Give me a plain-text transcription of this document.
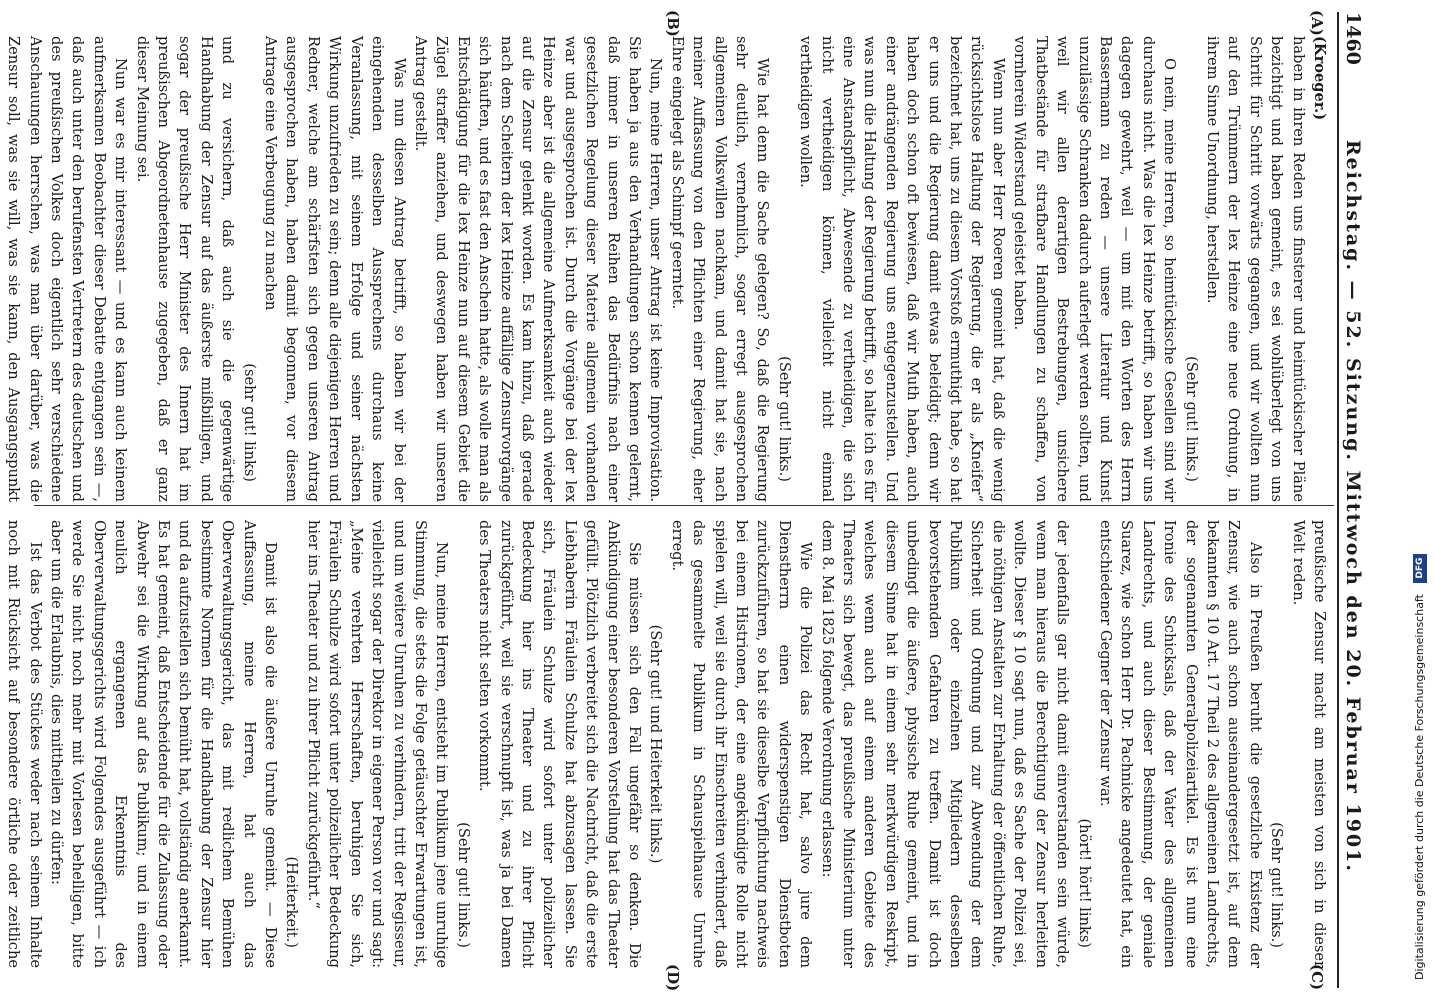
1460
Reichstag. — 52. Sitzung. Mittwoch den 20. Februar 1901.
(A)
(B)
(C)
(D)

(Kroeger.)

haben in ihren Reden uns finsterer und heimtückischer Pläne bezichtigt und haben gemeint, es sei wohlüberlegt von uns Schritt für Schritt vorwärts gegangen, und wir wollten nun auf den Trümmern der lex Heinze eine neue Ordnung, in ihrem Sinne Unordnung, herstellen.

(Sehr gut! links.)

O nein, meine Herren, so heimtückische Gesellen sind wir durchaus nicht. Was die lex Heinze betrifft, so haben wir uns dagegen gewehrt, weil — um mit den Worten des Herrn Bassermann zu reden — unsere Literatur und Kunst unzulässige Schranken dadurch auferlegt werden sollten, und weil wir allen derartigen Bestrebungen, unsichere Thatbestände für strafbare Handlungen zu schaffen, von vornherein Widerstand geleistet haben.

Wenn nun aber Herr Roeren gemeint hat, daß die wenig rücksichtslose Haltung der Regierung, die er als „Kneifer“ bezeichnet hat, uns zu diesem Vorstoß ermuthigt habe, so hat er uns und die Regierung damit etwas beleidigt; denn wir haben doch schon oft bewiesen, daß wir Muth haben, auch einer andrängenden Regierung uns entgegenzustellen. Und was nun die Haltung der Regierung betrifft, so halte ich es für eine Anstandspflicht, Abwesende zu vertheidigen, die sich nicht vertheidigen können, vielleicht nicht einmal vertheidigen wollen.

(Sehr gut! links.)

Wie hat denn die Sache gelegen? So, daß die Regierung sehr deutlich, vernehmlich, sogar erregt ausgesprochen allgemeinen Volkswillen nachkam, und damit hat sie, nach meiner Auffassung von den Pflichten einer Regierung, eher Ehre eingelegt als Schimpf geerntet.

Nun, meine Herren, unser Antrag ist keine Improvisation. Sie haben ja aus den Verhandlungen schon kennen gelernt, daß immer in unseren Reihen das Bedürfnis nach einer gesetzlichen Regelung dieser Materie allgemein vorhanden war und ausgesprochen ist. Durch die Vorgänge bei der lex Heinze aber ist die allgemeine Aufmerksamkeit auch wieder auf die Zensur gelenkt worden. Es kam hinzu, daß gerade nach dem Scheitern der lex Heinze auffällige Zensurvorgänge sich häuften, und es fast den Anschein hatte, als wolle man als Entschädigung für die lex Heinze nun auf diesem Gebiet die Zügel straffer anziehen, und deswegen haben wir unseren Antrag gestellt.

Was nun diesen Antrag betrifft, so haben wir bei der eingehenden desselben Aussprechens durchaus keine Veranlassung, mit seinem Erfolge und seiner nächsten Wirkung unzufrieden zu sein; denn alle diejenigen Herren und Redner, welche am schärfsten sich gegen unseren Antrag ausgesprochen haben, haben damit begonnen, vor diesem Antrage eine Verbeugung zu machen

(sehr gut! links)

und zu versichern, daß auch sie die gegenwärtige Handhabung der Zensur auf das äußerste mißbilligen, und sogar der preußische Herr Minister des Innern hat im preußischen Abgeordnetenhause zugegeben, daß er ganz dieser Meinung sei.

Nun war es mir interessant — und es kann auch keinem aufmerksamen Beobachter dieser Debatte entgangen sein —, daß auch unter den berufensten Vertretern des deutschen und des preußischen Volkes doch eigentlich sehr verschiedene Anschauungen herrschen, was man über darüber, was die Zensur soll, was sie will, was sie kann, den Ausgangspunkt

preußische Zensur macht am meisten von sich in dieser Welt reden.

(Sehr gut! links.)

Also in Preußen beruht die gesetzliche Existenz der Zensur, wie auch schon auseinandergesetzt ist, auf dem bekannten § 10 Art. 17 Theil 2 des allgemeinen Landrechts, der sogenannten Generalpolizeiartikel. Es ist nun eine Ironie des Schicksals, daß der Vater des allgemeinen Landrechts, und auch dieser Bestimmung, der geniale Suarez, wie schon Herr Dr. Pachnicke angedeutet hat, ein entschiedener Gegner der Zensur war.

(hört! hört! links)

der jedenfalls gar nicht damit einverstanden sein würde, wenn man hieraus die Berechtigung der Zensur herleiten wollte. Dieser § 10 sagt nun, daß es Sache der Polizei sei, die nöthigen Anstalten zur Erhaltung der öffentlichen Ruhe, Sicherheit und Ordnung und zur Abwendung der dem Publikum oder einzelnen Mitgliedern desselben bevorstehenden Gefahren zu treffen. Damit ist doch unbedingt die äußere, physische Ruhe gemeint, und in diesem Sinne hat in einem sehr merkwürdigen Reskript, welches wenn auch auf einem anderen Gebiete des Theaters sich bewegt, das preußische Ministerium unter dem 8. Mai 1825 folgende Verordnung erlassen:

Wie die Polizei das Recht hat, salvo jure dem Dienstherrn einen widerspenstigen Dienstboten zurückzuführen, so hat sie dieselbe Verpflichtung nachweis bei einem Histrionen, der eine angekündigte Rolle nicht spielen will, weil sie durch ihr Einschreiten verhindert, daß das gesammelte Publikum in Schauspielhause Unruhe erregt.

(Sehr gut! und Heiterkeit links.)

Sie müssen sich den Fall ungefähr so denken. Die Ankündigung einer besonderen Vorstellung hat das Theater gefüllt. Plötzlich verbreitet sich die Nachricht, daß die erste Liebhaberin Fräulein Schulze hat abzusagen lassen. Sie sich, Fräulein Schulze wird sofort unter polizeilicher Bedeckung hier ins Theater und zu ihrer Pflicht zurückgeführt, weil sie verschnupft ist, was ja bei Damen des Theaters nicht selten vorkommt.

(Sehr gut! links.)

Nun, meine Herren, entsteht im Publikum jene unruhige Stimmung, die stets die Folge getäuschter Erwartungen ist, und um weitere Unruhen zu verhindern, tritt der Regisseur, vielleicht sogar der Direktor in eigener Person vor und sagt: „Meine verehrten Herrschaften, beruhigen Sie sich, Fräulein Schulze wird sofort unter polizeilicher Bedeckung hier ins Theater und zu ihrer Pflicht zurückgeführt.“

(Heiterkeit.)

Damit ist also die äußere Unruhe gemeint. — Diese Auffassung, meine Herren, hat auch das Oberverwaltungsgericht, das mit redlichem Bemühen bestimmte Normen für die Handhabung der Zensur hier und da aufzustellen sich bemüht hat, vollständig anerkannt. Es hat gemeint, daß Entscheidende für die Zulassung oder Abwehr sei die Wirkung auf das Publikum; und in einem neulich ergangenen Erkenntnis des Oberverwaltungsgerichts wird Folgendes ausgeführt — ich werde Sie nicht noch mehr mit Vorlesen behelligen, bitte aber um die Erlaubnis, dies mittheilen zu dürfen:

Ist das Verbot des Stückes weder nach seinem Inhalte noch mit Rücksicht auf besondere örtliche oder zeitliche	Digitalisierung gefördert durch die Deutsche Forschungsgemeinschaft DFG
